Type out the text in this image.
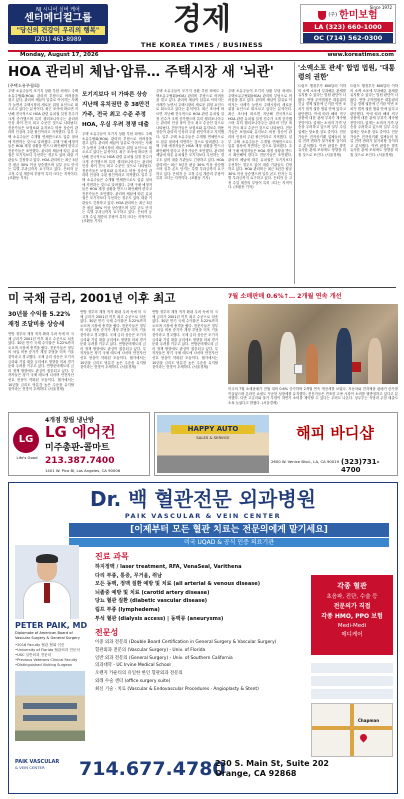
NJ 시니어 실버 케어
센터메디컬그룹
"당신의 건강이 우리의 행복"
(201) 461-8989
경제
THE KOREA TIMES / BUSINESS
Since 1972
(주) 한미보험
LA (323) 660-1000
OC (714) 562-0300
Monday, August 17, 2026	www.koreatimes.com
HOA 관리비 체납·압류… 주택시장 새 '뇌관'
(주택소유주협회)
주택 소유주들이 모기지 상환 부담 외에도 주택소유주협회(HOA) 관리비 부담으로 어려움을 겪고 있다. 관리비 체납이 압류로 이어지는 사례가 늘면서 주택시장의 새로운 위험 요인으로 떠오르고 있다는 분석이다. 최근 조사에 따르면 지난해 전국적으로 HOA 관련 유치권 설정 건수가 크게 증가했으며 특히 캘리포니아주는 관리비 인상 폭이 전국 최고 수준인 것으로 나타났다. 전문가들은 보험료와 유지보수 비용 상승이 관리비 인상의 주된 원인이라고 지적했다. 일부 주택 소유주들은 수개월 연체만으로도 압류 절차에 직면하는 것으로 알려졌다. 주택 구매 예정자들은 HOA 재정 상황을 반드시 확인해야 한다고 전문가들은 조언했다. 관리비 체납에 따른 유치권은 모기지보다 우선하는 경우도 있어 대출 기관들도 긴장하고 있다. HOA 관리비는 최근 5년간 평균 30% 이상 상승했으며 일부 콘도 단지는 특별 부과금까지 요구하고 있다. 은퇴자 등 고정 수입 계층의 부담이 특히 크다는 지적이다. (조환동 기자)
모기지보다 더 가파른 상승
지난해 유치권만 총 38만건
가주, 전국 최고 수준 주정
HOA, 우실 우려 경쟁 대출
주택 소유주들이 모기지 상환 부담 외에도 주택소유주협회(HOA) 관리비 부담으로 어려움을 겪고 있다. 관리비 체납이 압류로 이어지는 사례가 늘면서 주택시장의 새로운 위험 요인으로 떠오르고 있다는 분석이다. 최근 조사에 따르면 지난해 전국적으로 HOA 관련 유치권 설정 건수가 크게 증가했으며 특히 캘리포니아주는 관리비 인상 폭이 전국 최고 수준인 것으로 나타났다. 전문가들은 보험료와 유지보수 비용 상승이 관리비 인상의 주된 원인이라고 지적했다. 일부 주택 소유주들은 수개월 연체만으로도 압류 절차에 직면하는 것으로 알려졌다. 주택 구매 예정자들은 HOA 재정 상황을 반드시 확인해야 한다고 전문가들은 조언했다. 관리비 체납에 따른 유치권은 모기지보다 우선하는 경우도 있어 대출 기관들도 긴장하고 있다. HOA 관리비는 최근 5년간 평균 30% 이상 상승했으며 일부 콘도 단지는 특별 부과금까지 요구하고 있다. 은퇴자 등 고정 수입 계층의 부담이 특히 크다는 지적이다. (조환동 기자)
주택 소유주들이 모기지 상환 부담 외에도 주택소유주협회(HOA) 관리비 부담으로 어려움을 겪고 있다. 관리비 체납이 압류로 이어지는 사례가 늘면서 주택시장의 새로운 위험 요인으로 떠오르고 있다는 분석이다. 최근 조사에 따르면 지난해 전국적으로 HOA 관련 유치권 설정 건수가 크게 증가했으며 특히 캘리포니아주는 관리비 인상 폭이 전국 최고 수준인 것으로 나타났다. 전문가들은 보험료와 유지보수 비용 상승이 관리비 인상의 주된 원인이라고 지적했다. 일부 주택 소유주들은 수개월 연체만으로도 압류 절차에 직면하는 것으로 알려졌다. 주택 구매 예정자들은 HOA 재정 상황을 반드시 확인해야 한다고 전문가들은 조언했다. 관리비 체납에 따른 유치권은 모기지보다 우선하는 경우도 있어 대출 기관들도 긴장하고 있다. HOA 관리비는 최근 5년간 평균 30% 이상 상승했으며 일부 콘도 단지는 특별 부과금까지 요구하고 있다. 은퇴자 등 고정 수입 계층의 부담이 특히 크다는 지적이다. (조환동 기자)
주택 소유주들이 모기지 상환 부담 외에도 주택소유주협회(HOA) 관리비 부담으로 어려움을 겪고 있다. 관리비 체납이 압류로 이어지는 사례가 늘면서 주택시장의 새로운 위험 요인으로 떠오르고 있다는 분석이다. 최근 조사에 따르면 지난해 전국적으로 HOA 관련 유치권 설정 건수가 크게 증가했으며 특히 캘리포니아주는 관리비 인상 폭이 전국 최고 수준인 것으로 나타났다. 전문가들은 보험료와 유지보수 비용 상승이 관리비 인상의 주된 원인이라고 지적했다. 일부 주택 소유주들은 수개월 연체만으로도 압류 절차에 직면하는 것으로 알려졌다. 주택 구매 예정자들은 HOA 재정 상황을 반드시 확인해야 한다고 전문가들은 조언했다. 관리비 체납에 따른 유치권은 모기지보다 우선하는 경우도 있어 대출 기관들도 긴장하고 있다. HOA 관리비는 최근 5년간 평균 30% 이상 상승했으며 일부 콘도 단지는 특별 부과금까지 요구하고 있다. 은퇴자 등 고정 수입 계층의 부담이 특히 크다는 지적이다. (조환동 기자)
'소액소포 관세' 합법 법원, '대통령의 권한'
트럼프 행정부가 800달러 이하의 소액 소포에 부과해온 관세를 유지할 수 있다는 법원 판단이 나왔다. 연방 무역법원은 대통령의 긴급 경제 권한에 근거한 이번 조치가 법적 권한 범위 안에 있다고 판단했다. 이에 따라 해외 직구 상품에 대한 관세 부과가 계속될 전망이다. 업계는 소비자 가격 상승을 우려하고 있으며 일부 수입업체는 항소를 검토 중이다. 전문가들은 전자상거래 업체들의 물류 전략 변화가 불가피할 것이라고 분석했다. 이번 판결은 향후 유사한 관세 조치에도 영향을 미칠 것으로 보인다. (서울경제)
트럼프 행정부가 800달러 이하의 소액 소포에 부과해온 관세를 유지할 수 있다는 법원 판단이 나왔다. 연방 무역법원은 대통령의 긴급 경제 권한에 근거한 이번 조치가 법적 권한 범위 안에 있다고 판단했다. 이에 따라 해외 직구 상품에 대한 관세 부과가 계속될 전망이다. 업계는 소비자 가격 상승을 우려하고 있으며 일부 수입업체는 항소를 검토 중이다. 전문가들은 전자상거래 업체들의 물류 전략 변화가 불가피할 것이라고 분석했다. 이번 판결은 향후 유사한 관세 조치에도 영향을 미칠 것으로 보인다. (서울경제)
미 국채 금리, 2001년 이후 최고
30년물 수익률 5.22%
재정 조달비용 상승세
연방 정부의 재정 적자 확대 우려 속에 미 국채 금리가 2001년 이후 최고 수준으로 치솟았다. 30년 만기 국채 수익률은 5.22%까지 오르며 시장에 충격을 줬다. 전문가들은 정부의 차입 비용 증가가 재정 부담을 더욱 키울 것이라고 경고했다. 국채 금리 상승은 모기지 금리와 기업 대출 금리에도 영향을 미쳐 경기 둔화 우려를 키우고 있다. 연방준비제도의 금리 정책 방향에도 관심이 집중되고 있다. 투자자들은 장기 국채 매도에 나서며 안전자산 선호 현상이 약화된 모습이다. 월가에서는 10년물 금리도 당분간 높은 수준을 유지할 것이라는 전망이 우세하다. (서울경제)
연방 정부의 재정 적자 확대 우려 속에 미 국채 금리가 2001년 이후 최고 수준으로 치솟았다. 30년 만기 국채 수익률은 5.22%까지 오르며 시장에 충격을 줬다. 전문가들은 정부의 차입 비용 증가가 재정 부담을 더욱 키울 것이라고 경고했다. 국채 금리 상승은 모기지 금리와 기업 대출 금리에도 영향을 미쳐 경기 둔화 우려를 키우고 있다. 연방준비제도의 금리 정책 방향에도 관심이 집중되고 있다. 투자자들은 장기 국채 매도에 나서며 안전자산 선호 현상이 약화된 모습이다. 월가에서는 10년물 금리도 당분간 높은 수준을 유지할 것이라는 전망이 우세하다. (서울경제)
연방 정부의 재정 적자 확대 우려 속에 미 국채 금리가 2001년 이후 최고 수준으로 치솟았다. 30년 만기 국채 수익률은 5.22%까지 오르며 시장에 충격을 줬다. 전문가들은 정부의 차입 비용 증가가 재정 부담을 더욱 키울 것이라고 경고했다. 국채 금리 상승은 모기지 금리와 기업 대출 금리에도 영향을 미쳐 경기 둔화 우려를 키우고 있다. 연방준비제도의 금리 정책 방향에도 관심이 집중되고 있다. 투자자들은 장기 국채 매도에 나서며 안전자산 선호 현상이 약화된 모습이다. 월가에서는 10년물 금리도 당분간 높은 수준을 유지할 것이라는 전망이 우세하다. (서울경제)
7월 소매판매 0.6%↑… 2개월 연속 개선
미국의 7월 소매판매가 전월 대비 0.6% 증가하며 2개월 연속 개선세를 보였다. 자동차와 전자제품 판매가 증가를 이끌었으며 온라인 쇼핑도 꾸준한 성장세를 유지했다. 전문가들은 견조한 고용 시장이 소비를 뒷받침하고 있다고 분석했다. 다만 고금리와 물가 부담이 하반기 소비를 제약할 수 있다는 우려도 나온다. 상무부는 식당과 주점 매출도 소폭 늘었다고 밝혔다. (서울경제)
LG
Life's Good
4개점 창립 냉난방
LG 에어컨
미주총판-콜마트
213.387.7400
1401 W. Pico Bl, Los Angeles, CA 90006
HAPPY AUTO
SALES & SERVICE	해피 바디샵
2600 W. Venice Blvd., LA, CA 90019 (323)731-4700
Dr. 백 혈관전문 외과병원
PAIK VASCULAR & VEIN CENTER
[이제부터 모든 혈관 치료는 전문의에게 맡기세요]
미국 UQAD & 공식 인증 의료기관
PETER PAIK, MD
Diplomate of American Board of
Vascular Surgery & General Surgery
•2016 Faculty 혈관 협회 인증
•University of Florida 혈관외과 전문의
•USC 일반외과 전문의
•Previous Veterans Clinical Faculty
•Distinguished Visiting Surgeon
진료 과목
하지정맥 / laser treatment, RFA, VenaSeal, Varithena
다리 부종, 통증, 무거움, 쥐남
모든 동맥, 정맥 질환 예방 및 치료 (all arterial & venous disease)
뇌졸중 예방 및 치료 (carotid artery disease)
당뇨 혈관 질환 (diabetic vascular disease)
림프 부종 (lymphedema)
투석 혈관 (dialysis access) | 동맥류 (aneurysms)
전문성
이중 외과 전문의 (Double Board Certification in General Surgery & Vascular Surgery)
혈관외과 전문의 (Vascular Surgery) - Univ. of Florida
일반 외과 전문의 (General Surgery) - Univ. of Southern California
의과대학 - UC Irvine Medical School
오렌지 카운티의 유일한 한인 혈관외과 전문의
외래 수술 센터 (office surgery suite)
최신 기술 · 치료 (Vascular & Endovascular Procedures · Angioplasty & Stent)
각종 혈관
초음파, 진단, 수술 등
전문의가 직접
각종 HMO, PPO 보험
Medi-Medi
메디케어
Chapman
PAIK VASCULAR
& VEIN CENTER	714.677.4780
230 S. Main St, Suite 202
Orange, CA 92868
